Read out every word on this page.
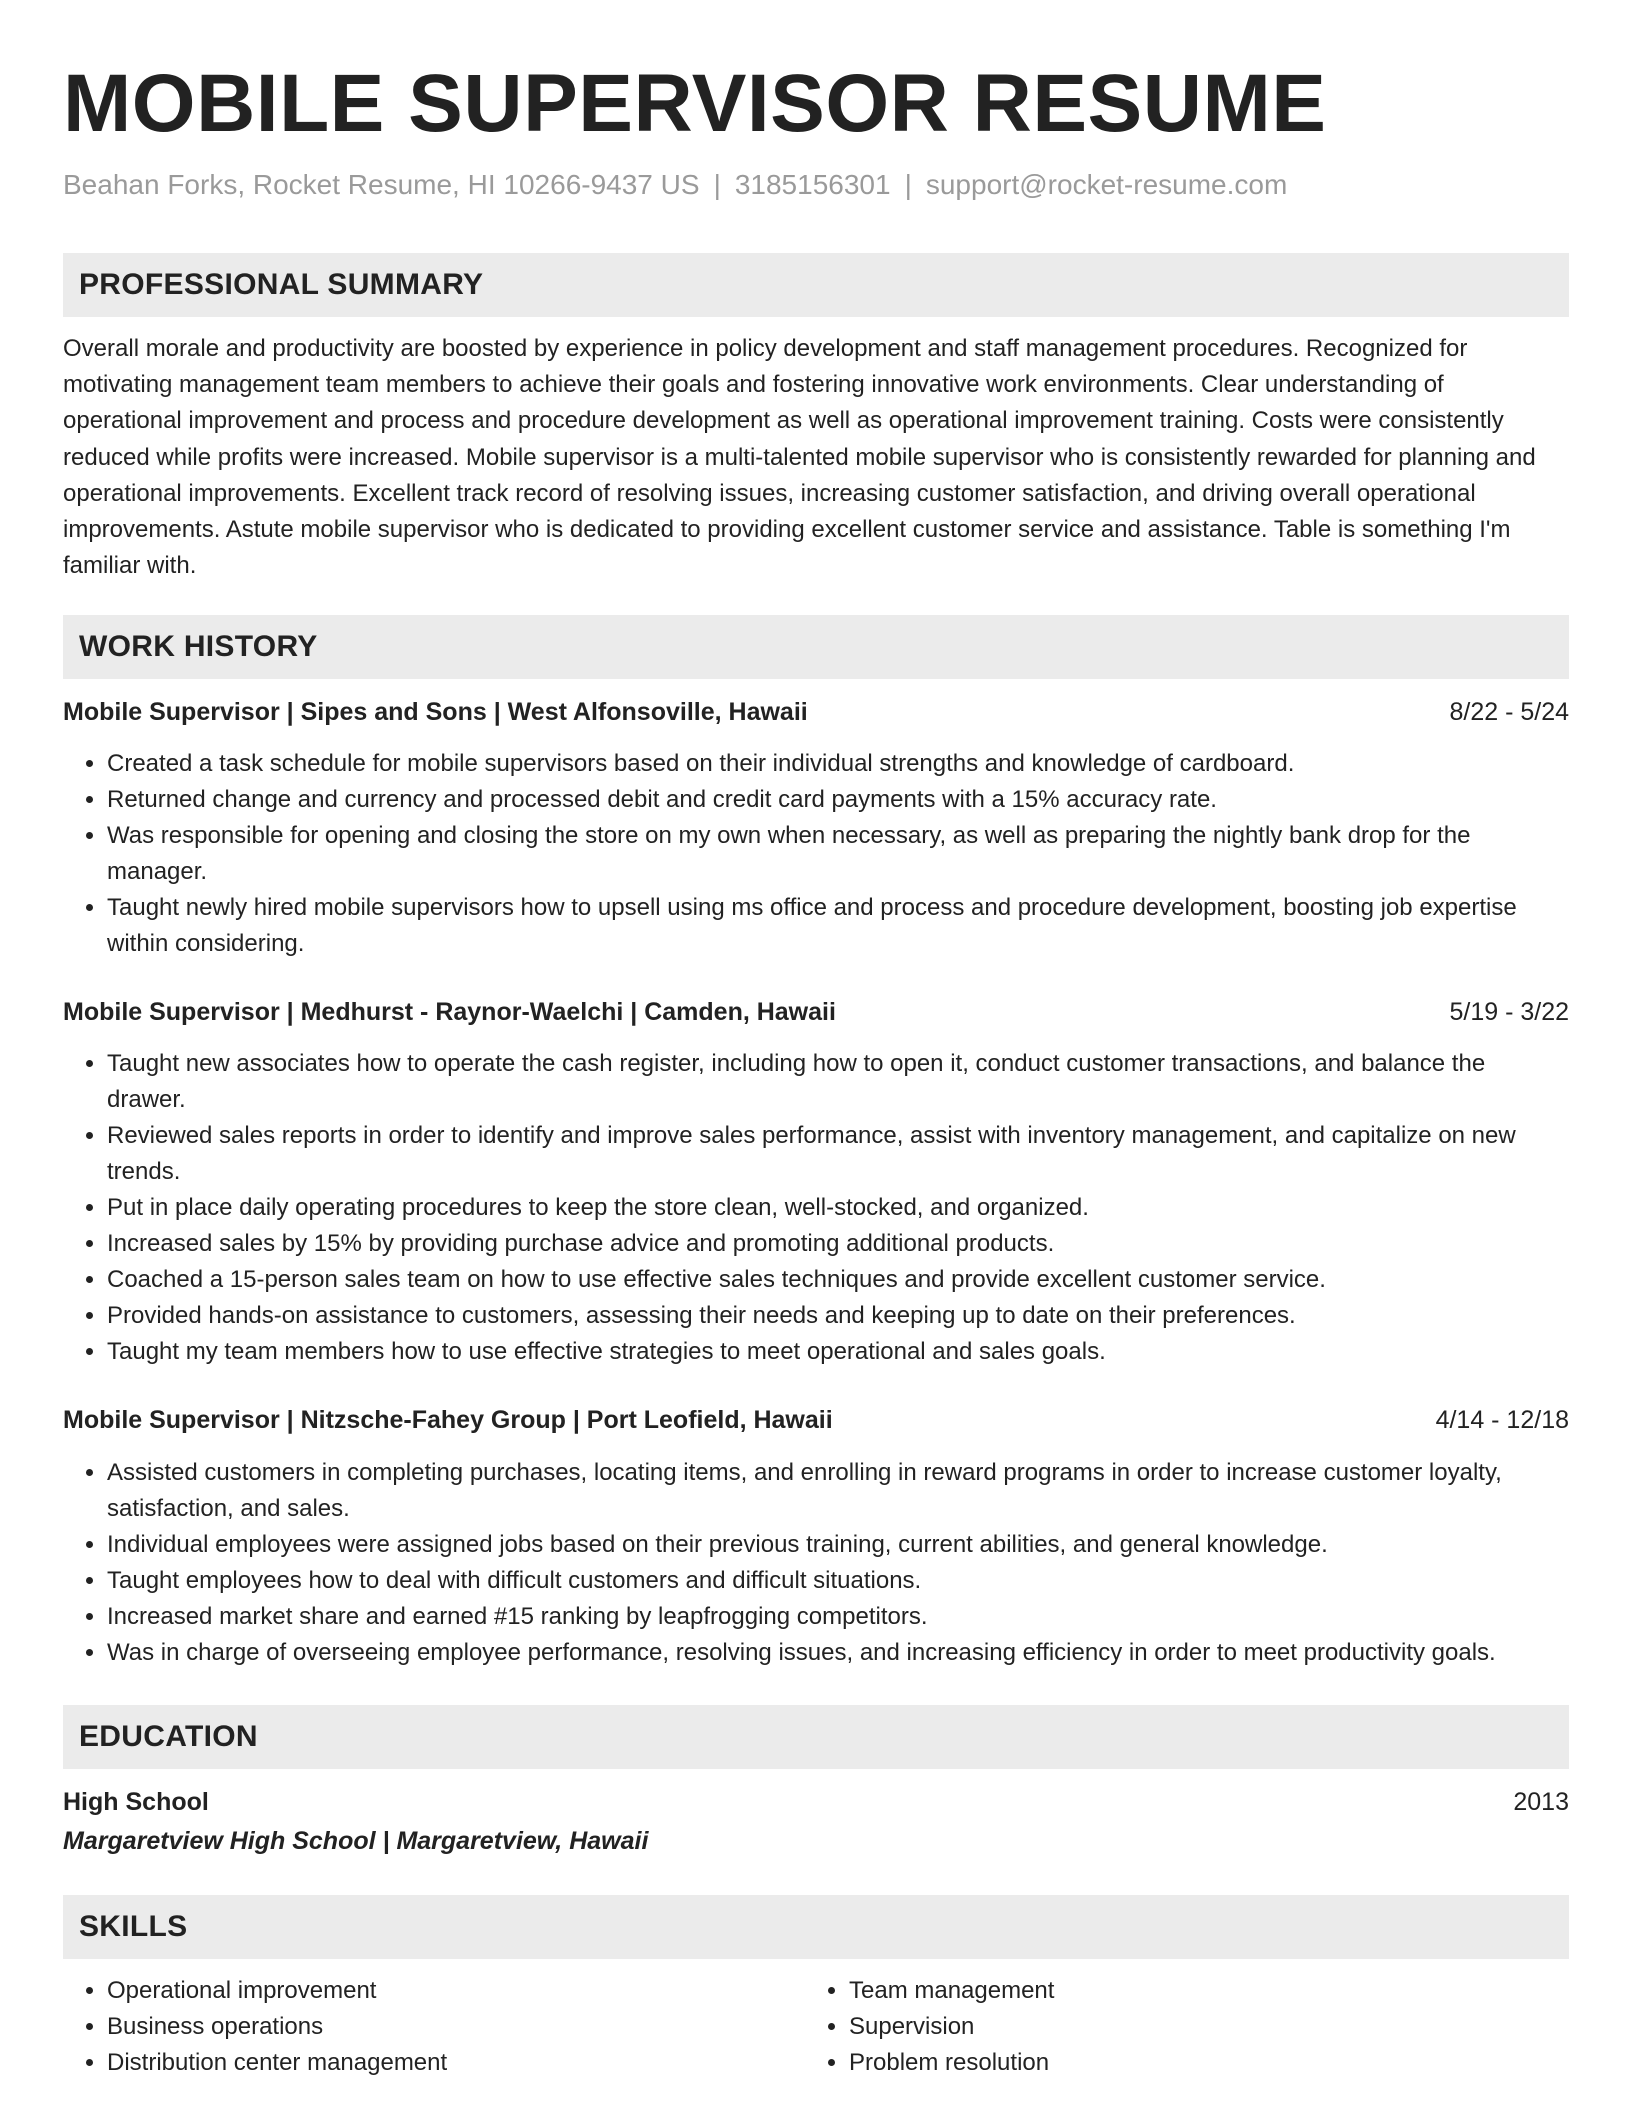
MOBILE SUPERVISOR RESUME
Beahan Forks, Rocket Resume, HI 10266-9437 US | 3185156301 | support@rocket-resume.com
PROFESSIONAL SUMMARY

Overall morale and productivity are boosted by experience in policy development and staff management procedures. Recognized for motivating management team members to achieve their goals and fostering innovative work environments. Clear understanding of operational improvement and process and procedure development as well as operational improvement training. Costs were consistently reduced while profits were increased. Mobile supervisor is a multi-talented mobile supervisor who is consistently rewarded for planning and operational improvements. Excellent track record of resolving issues, increasing customer satisfaction, and driving overall operational improvements. Astute mobile supervisor who is dedicated to providing excellent customer service and assistance. Table is something I'm familiar with.

WORK HISTORY
Mobile Supervisor | Sipes and Sons | West Alfonsoville, Hawaii	8/22 - 5/24
• Created a task schedule for mobile supervisors based on their individual strengths and knowledge of cardboard.
• Returned change and currency and processed debit and credit card payments with a 15% accuracy rate.
• Was responsible for opening and closing the store on my own when necessary, as well as preparing the nightly bank drop for the manager.
• Taught newly hired mobile supervisors how to upsell using ms office and process and procedure development, boosting job expertise within considering.
Mobile Supervisor | Medhurst - Raynor-Waelchi | Camden, Hawaii	5/19 - 3/22
• Taught new associates how to operate the cash register, including how to open it, conduct customer transactions, and balance the drawer.
• Reviewed sales reports in order to identify and improve sales performance, assist with inventory management, and capitalize on new trends.
• Put in place daily operating procedures to keep the store clean, well-stocked, and organized.
• Increased sales by 15% by providing purchase advice and promoting additional products.
• Coached a 15-person sales team on how to use effective sales techniques and provide excellent customer service.
• Provided hands-on assistance to customers, assessing their needs and keeping up to date on their preferences.
• Taught my team members how to use effective strategies to meet operational and sales goals.
Mobile Supervisor | Nitzsche-Fahey Group | Port Leofield, Hawaii	4/14 - 12/18
• Assisted customers in completing purchases, locating items, and enrolling in reward programs in order to increase customer loyalty, satisfaction, and sales.
• Individual employees were assigned jobs based on their previous training, current abilities, and general knowledge.
• Taught employees how to deal with difficult customers and difficult situations.
• Increased market share and earned #15 ranking by leapfrogging competitors.
• Was in charge of overseeing employee performance, resolving issues, and increasing efficiency in order to meet productivity goals.
EDUCATION
High School	2013
Margaretview High School | Margaretview, Hawaii
SKILLS
• Operational improvement
• Business operations
• Distribution center management
• Team management
• Supervision
• Problem resolution
